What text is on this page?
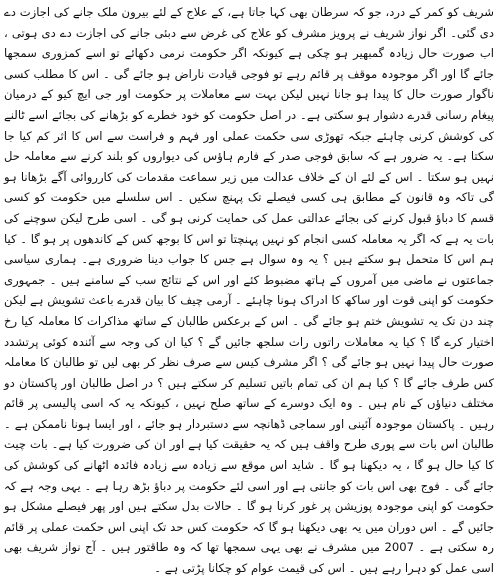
شریف کو کمر کے درد، جو کہ سرطان بھی کہا جاتا ہے، کے علاج کے لئے بیرون ملک جانے کی اجازت دے دی گئی۔ اگر نواز شریف نے پرویز مشرف کو علاج کی غرض سے دبئی جانے کی اجازت دے دی ہوتی ، اب صورت حال زیادہ گمبھیر ہو چکی ہے کیونکہ اگر حکومت نرمی دکھائے تو اسے کمزوری سمجھا جائے گا اور اگر موجودہ موقف پر قائم رہے تو فوجی قیادت ناراض ہو جائے گی ۔ اس کا مطلب کسی ناگوار صورت حال کا پیدا ہو جانا نہیں لیکن بہت سے معاملات پر حکومت اور جی ایچ کیو کے درمیان پیغام رسانی قدرے دشوار ہو سکتی ہے۔ در اصل حکومت کو خود خطرے کو بڑھانے کی بجائے اسے ٹالنے کی کوشش کرنی چاہئے جبکہ تھوڑی سی حکمت عملی اور فہم و فراست سے اس کا اثر کم کیا جا سکتا ہے۔ یہ ضرور ہے کہ سابق فوجی صدر کے فارم ہاؤس کی دیواروں کو بلند کرنے سے معاملہ حل نہیں ہو سکتا ۔ اس کے لئے ان کے خلاف عدالت میں زیر سماعت مقدمات کی کارروائی آگے بڑھانا ہو گی تاکہ وہ قانون کے مطابق ہی کسی فیصلے تک پہنچ سکیں ۔ اس سلسلے میں حکومت کو کسی قسم کا دباؤ قبول کرنے کی بجائے عدالتی عمل کی حمایت کرنی ہو گی ۔ اسی طرح لیکن سوچنے کی بات یہ ہے کہ اگر یہ معاملہ کسی انجام کو نہیں پہنچتا تو اس کا بوجھ کس کے کاندھوں پر ہو گا ۔ کیا ہم اس کا متحمل ہو سکتے ہیں ؟ یہ وہ سوال ہے جس کا جواب دینا ضروری ہے۔ ہماری سیاسی جماعتوں نے ماضی میں آمروں کے ہاتھ مضبوط کئے اور اس کے نتائج سب کے سامنے ہیں ۔ جمہوری حکومت کو اپنی قوت اور ساکھ کا ادراک ہونا چاہئے ۔ آرمی چیف کا بیان قدرے باعث تشویش ہے لیکن چند دن تک یہ تشویش ختم ہو جائے گی ۔ اس کے برعکس طالبان کے ساتھ مذاکرات کا معاملہ کیا رخ اختیار کرے گا ؟ کیا یہ معاملات راتوں رات سلجھ جائیں گے ؟ کیا ان کی وجہ سے آئندہ کوئی پرتشدد صورت حال پیدا نہیں ہو جائے گی ؟ اگر مشرف کیس سے صرف نظر کر بھی لیں تو طالبان کا معاملہ کس طرف جائے گا ؟ کیا ہم ان کی تمام باتیں تسلیم کر سکتے ہیں ؟ در اصل طالبان اور پاکستان دو مختلف دنیاؤں کے نام ہیں ۔ وہ ایک دوسرے کے ساتھ صلح نہیں ، کیونکہ یہ کہ اسی پالیسی پر قائم رہیں ۔ پاکستان موجودہ آئینی اور سماجی ڈھانچہ سے دستبردار ہو جائے ، اور ایسا ہونا ناممکن ہے ۔ طالبان اس بات سے پوری طرح واقف ہیں کہ یہ حقیقت کیا ہے اور ان کی ضرورت کیا ہے۔ بات چیت کا کیا حال ہو گا ، یہ دیکھنا ہو گا ۔ شاید اس موقع سے زیادہ سے زیادہ فائدہ اٹھانے کی کوشش کی جائے گی ۔ فوج بھی اس بات کو جانتی ہے اور اسی لئے حکومت پر دباؤ بڑھ رہا ہے ۔ یہی وجہ ہے کہ حکومت کو اپنی موجودہ پوزیشن پر غور کرنا ہو گا ۔ حالات بدل سکتے ہیں اور پھر فیصلے مشکل ہو جائیں گے ۔ اس دوران میں یہ بھی دیکھنا ہو گا کہ حکومت کس حد تک اپنی اس حکمت عملی پر قائم رہ سکتی ہے ۔ 2007 میں مشرف نے بھی یہی سمجھا تھا کہ وہ طاقتور ہیں ۔ آج نواز شریف بھی اسی عمل کو دہرا رہے ہیں ۔ اس کی قیمت عوام کو چکانا پڑتی ہے ۔
